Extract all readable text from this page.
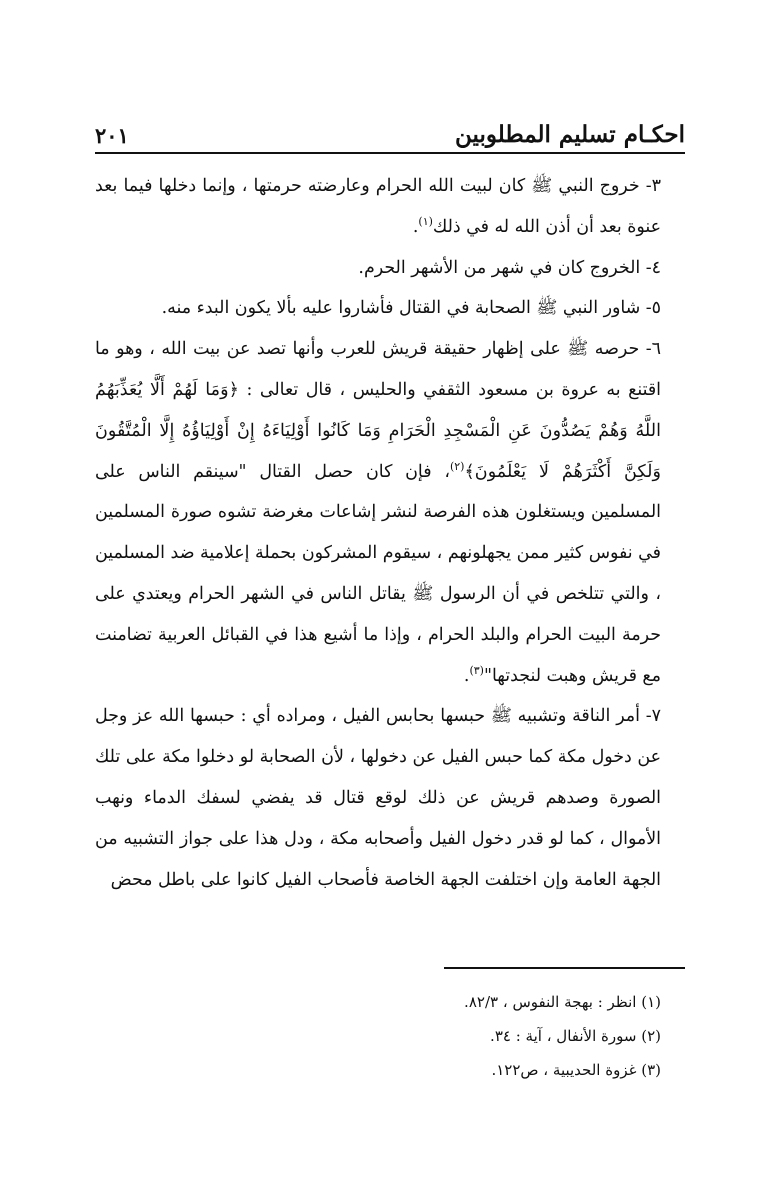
احكـام تسليم المطلوبين
٢٠١

٣- خروج النبي ﷺ كان لبيت الله الحرام وعارضته حرمتها ، وإنما دخلها فيما بعد عنوة بعد أن أذن الله له في ذلك$^{(١)}$.

٤- الخروج كان في شهر من الأشهر الحرم.

٥- شاور النبي ﷺ الصحابة في القتال فأشاروا عليه بألا يكون البدء منه.

٦- حرصه ﷺ على إظهار حقيقة قريش للعرب وأنها تصد عن بيت الله ، وهو ما اقتنع به عروة بن مسعود الثقفي والحليس ، قال تعالى : ﴿وَمَا لَهُمْ أَلَّا يُعَذِّبَهُمُ اللَّهُ وَهُمْ يَصُدُّونَ عَنِ الْمَسْجِدِ الْحَرَامِ وَمَا كَانُوا أَوْلِيَاءَهُ إِنْ أَوْلِيَاؤُهُ إِلَّا الْمُتَّقُونَ وَلَكِنَّ أَكْثَرَهُمْ لَا يَعْلَمُونَ﴾$^{(٢)}$، فإن كان حصل القتال "سينقم الناس على المسلمين ويستغلون هذه الفرصة لنشر إشاعات مغرضة تشوه صورة المسلمين في نفوس كثير ممن يجهلونهم ، سيقوم المشركون بحملة إعلامية ضد المسلمين ، والتي تتلخص في أن الرسول ﷺ يقاتل الناس في الشهر الحرام ويعتدي على حرمة البيت الحرام والبلد الحرام ، وإذا ما أشيع هذا في القبائل العربية تضامنت مع قريش وهبت لنجدتها"$^{(٣)}$.

٧- أمر الناقة وتشبيه ﷺ حبسها بحابس الفيل ، ومراده أي : حبسها الله عز وجل عن دخول مكة كما حبس الفيل عن دخولها ، لأن الصحابة لو دخلوا مكة على تلك الصورة وصدهم قريش عن ذلك لوقع قتال قد يفضي لسفك الدماء ونهب الأموال ، كما لو قدر دخول الفيل وأصحابه مكة ، ودل هذا على جواز التشبيه من الجهة العامة وإن اختلفت الجهة الخاصة فأصحاب الفيل كانوا على باطل محض

(١) انظر : بهجة النفوس ، ٨٢/٣.

(٢) سورة الأنفال ، آية : ٣٤.

(٣) غزوة الحديبية ، ص١٢٢.
